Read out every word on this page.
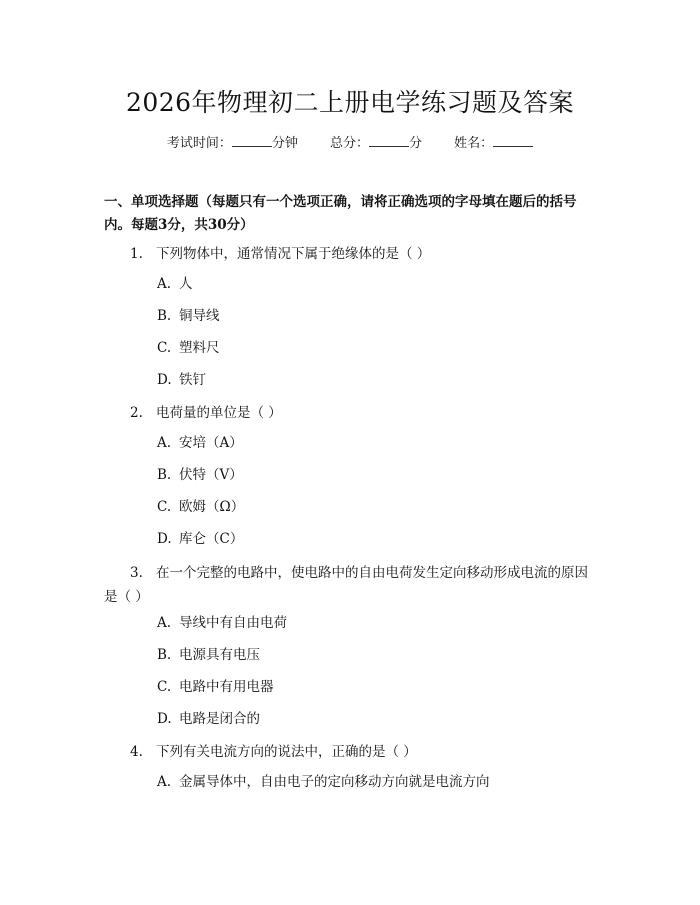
2026年物理初二上册电学练习题及答案
考试时间：	分钟 总分：	分 姓名：

一、单项选择题（每题只有一个选项正确，请将正确选项的字母填在题后的括号内。每题3分，共30分）

1. 下列物体中，通常情况下属于绝缘体的是（ ）

A. 人
B. 铜导线
C. 塑料尺
D. 铁钉

2. 电荷量的单位是（ ）

A. 安培（A）
B. 伏特（V）
C. 欧姆（Ω）
D. 库仑（C）

3. 在一个完整的电路中，使电路中的自由电荷发生定向移动形成电流的原因是（ ）

A. 导线中有自由电荷
B. 电源具有电压
C. 电路中有用电器
D. 电路是闭合的

4. 下列有关电流方向的说法中，正确的是（ ）

A. 金属导体中，自由电子的定向移动方向就是电流方向
